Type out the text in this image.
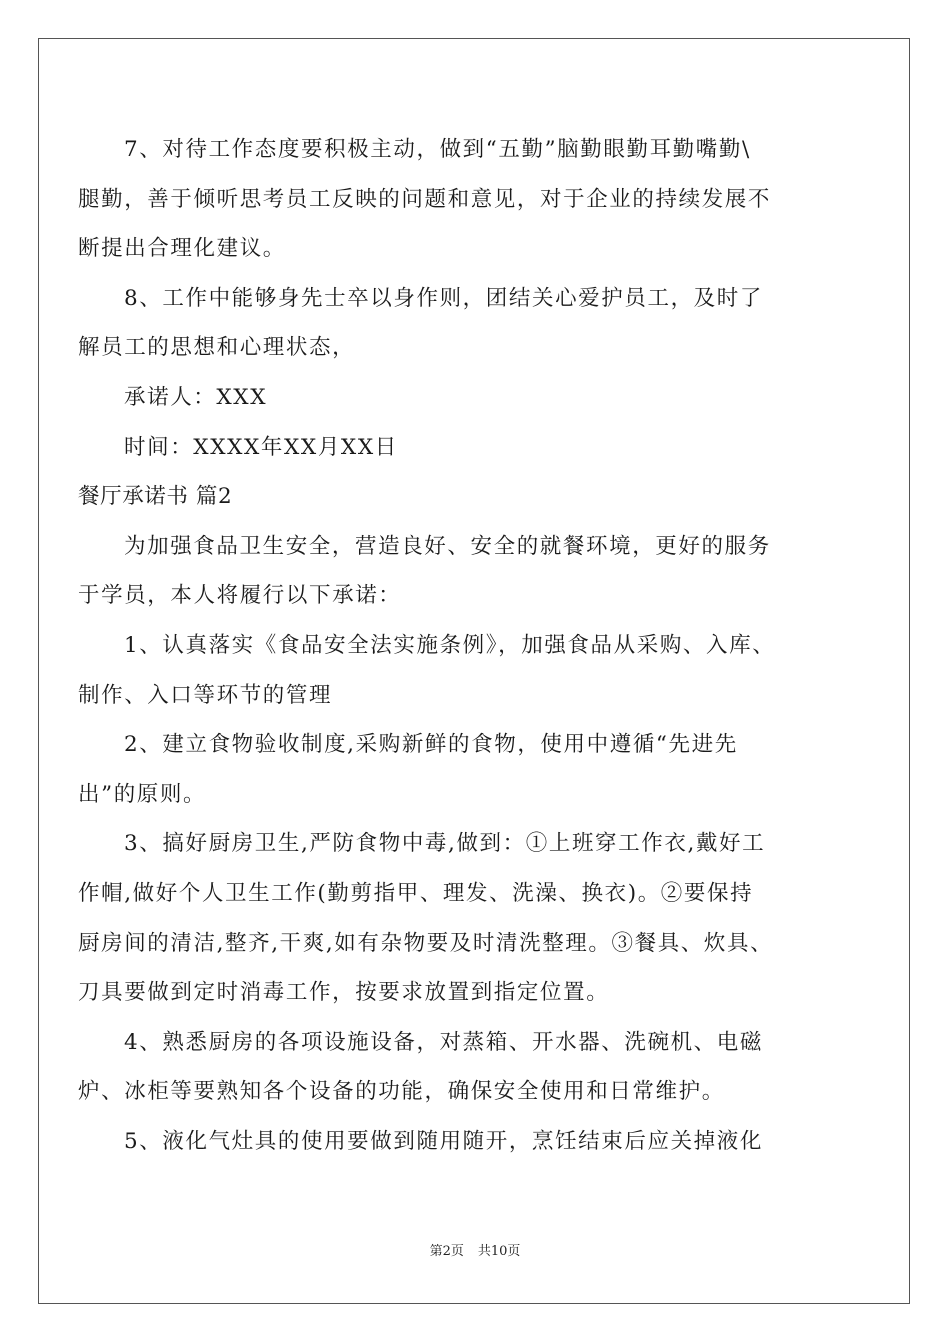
7、对待工作态度要积极主动，做到“五勤”脑勤眼勤耳勤嘴勤\
腿勤，善于倾听思考员工反映的问题和意见，对于企业的持续发展不
断提出合理化建议。
8、工作中能够身先士卒以身作则，团结关心爱护员工，及时了
解员工的思想和心理状态，
承诺人：XXX
时间：XXXX年XX月XX日
餐厅承诺书 篇2
为加强食品卫生安全，营造良好、安全的就餐环境，更好的服务
于学员，本人将履行以下承诺：
1、认真落实《食品安全法实施条例》，加强食品从采购、入库、
制作、入口等环节的管理
2、建立食物验收制度,采购新鲜的食物，使用中遵循“先进先
出”的原则。
3、搞好厨房卫生,严防食物中毒,做到：①上班穿工作衣,戴好工
作帽,做好个人卫生工作(勤剪指甲、理发、洗澡、换衣)。②要保持
厨房间的清洁,整齐,干爽,如有杂物要及时清洗整理。③餐具、炊具、
刀具要做到定时消毒工作，按要求放置到指定位置。
4、熟悉厨房的各项设施设备，对蒸箱、开水器、洗碗机、电磁
炉、冰柜等要熟知各个设备的功能，确保安全使用和日常维护。
5、液化气灶具的使用要做到随用随开，烹饪结束后应关掉液化
第2页 共10页
